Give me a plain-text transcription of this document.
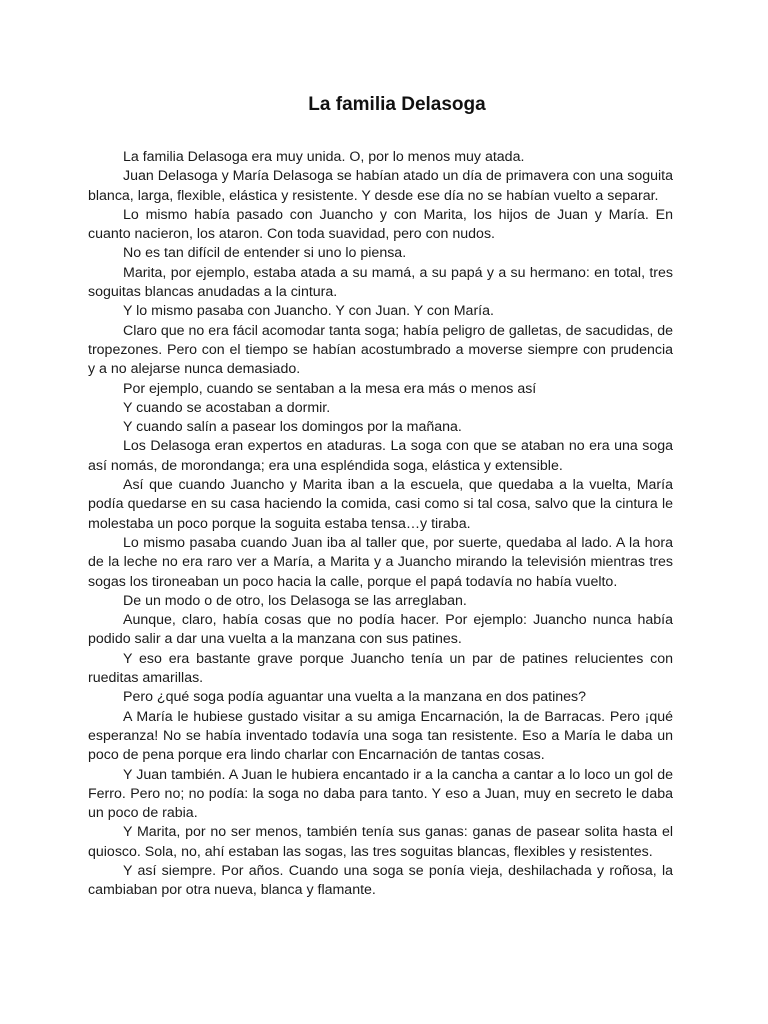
La familia Delasoga

La familia Delasoga era muy unida. O, por lo menos muy atada.

Juan Delasoga y María Delasoga se habían atado un día de primavera con una soguita blanca, larga, flexible, elástica y resistente. Y desde ese día no se habían vuelto a separar.

Lo mismo había pasado con Juancho y con Marita, los hijos de Juan y María. En cuanto nacieron, los ataron. Con toda suavidad, pero con nudos.

No es tan difícil de entender si uno lo piensa.

Marita, por ejemplo, estaba atada a su mamá, a su papá y a su hermano: en total, tres soguitas blancas anudadas a la cintura.

Y lo mismo pasaba con Juancho. Y con Juan. Y con María.

Claro que no era fácil acomodar tanta soga; había peligro de galletas, de sacudidas, de tropezones. Pero con el tiempo se habían acostumbrado a moverse siempre con prudencia y a no alejarse nunca demasiado.

Por ejemplo, cuando se sentaban a la mesa era más o menos así

Y cuando se acostaban a dormir.

Y cuando salín a pasear los domingos por la mañana.

Los Delasoga eran expertos en ataduras. La soga con que se ataban no era una soga así nomás, de morondanga; era una espléndida soga, elástica y extensible.

Así que cuando Juancho y Marita iban a la escuela, que quedaba a la vuelta, María podía quedarse en su casa haciendo la comida, casi como si tal cosa, salvo que la cintura le molestaba un poco porque la soguita estaba tensa…y tiraba.

Lo mismo pasaba cuando Juan iba al taller que, por suerte, quedaba al lado. A la hora de la leche no era raro ver a María, a Marita y a Juancho mirando la televisión mientras tres sogas los tironeaban un poco hacia la calle, porque el papá todavía no había vuelto.

De un modo o de otro, los Delasoga se las arreglaban.

Aunque, claro, había cosas que no podía hacer. Por ejemplo: Juancho nunca había podido salir a dar una vuelta a la manzana con sus patines.

Y eso era bastante grave porque Juancho tenía un par de patines relucientes con rueditas amarillas.

Pero ¿qué soga podía aguantar una vuelta a la manzana en dos patines?

A María le hubiese gustado visitar a su amiga Encarnación, la de Barracas. Pero ¡qué esperanza! No se había inventado todavía una soga tan resistente. Eso a María le daba un poco de pena porque era lindo charlar con Encarnación de tantas cosas.

Y Juan también. A Juan le hubiera encantado ir a la cancha a cantar a lo loco un gol de Ferro. Pero no; no podía: la soga no daba para tanto. Y eso a Juan, muy en secreto le daba un poco de rabia.

Y Marita, por no ser menos, también tenía sus ganas: ganas de pasear solita hasta el quiosco. Sola, no, ahí estaban las sogas, las tres soguitas blancas, flexibles y resistentes.

Y así siempre. Por años. Cuando una soga se ponía vieja, deshilachada y roñosa, la cambiaban por otra nueva, blanca y flamante.
